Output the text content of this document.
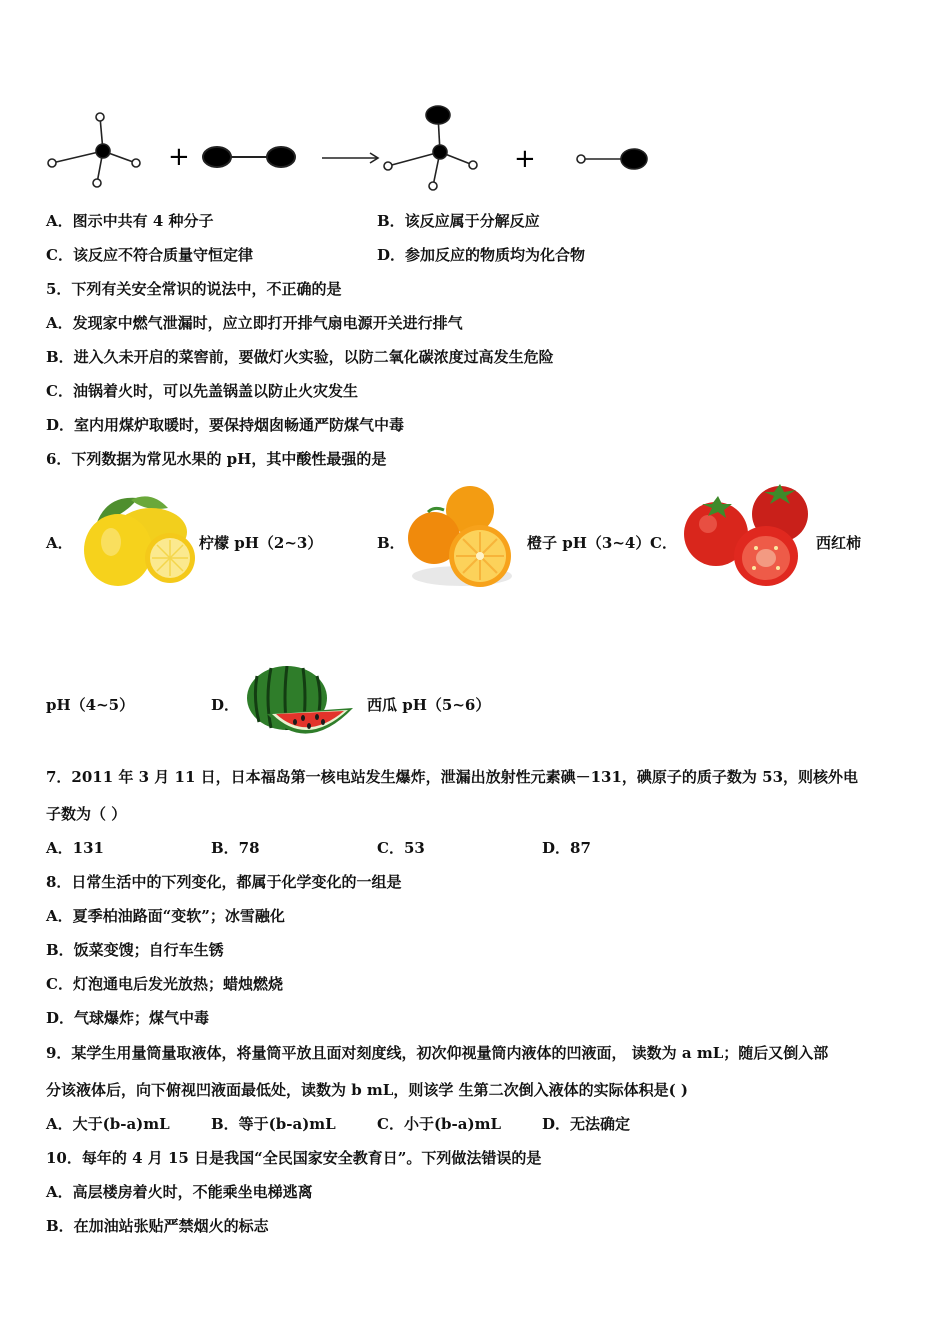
+	+
A．图示中共有 4 种分子	B．该反应属于分解反应
C．该反应不符合质量守恒定律	D．参加反应的物质均为化合物
5．下列有关安全常识的说法中，不正确的是
A．发现家中燃气泄漏时，应立即打开排气扇电源开关进行排气
B．进入久未开启的菜窖前，要做灯火实验，以防二氧化碳浓度过高发生危险
C．油锅着火时，可以先盖锅盖以防止火灾发生
D．室内用煤炉取暖时，要保持烟囱畅通严防煤气中毒
6．下列数据为常见水果的 pH，其中酸性最强的是
A．	柠檬 pH（2~3）	B．	橙子 pH（3~4） C．	西红柿
pH（4~5）	D．	西瓜 pH（5~6）
7．2011 年 3 月 11 日，日本福岛第一核电站发生爆炸，泄漏出放射性元素碘－131，碘原子的质子数为 53，则核外电
子数为（ ）
A．131	B．78	C．53	D．87
8．日常生活中的下列变化，都属于化学变化的一组是
A．夏季柏油路面“变软”；冰雪融化
B．饭菜变馊；自行车生锈
C．灯泡通电后发光放热；蜡烛燃烧
D．气球爆炸；煤气中毒
9．某学生用量筒量取液体，将量筒平放且面对刻度线，初次仰视量筒内液体的凹液面， 读数为 a mL；随后又倒入部
分该液体后，向下俯视凹液面最低处，读数为 b mL，则该学 生第二次倒入液体的实际体积是( )
A．大于(b-a)mL	B．等于(b-a)mL	C．小于(b-a)mL	D．无法确定
10．每年的 4 月 15 日是我国“全民国家安全教育日”。下列做法错误的是
A．高层楼房着火时，不能乘坐电梯逃离
B．在加油站张贴严禁烟火的标志
